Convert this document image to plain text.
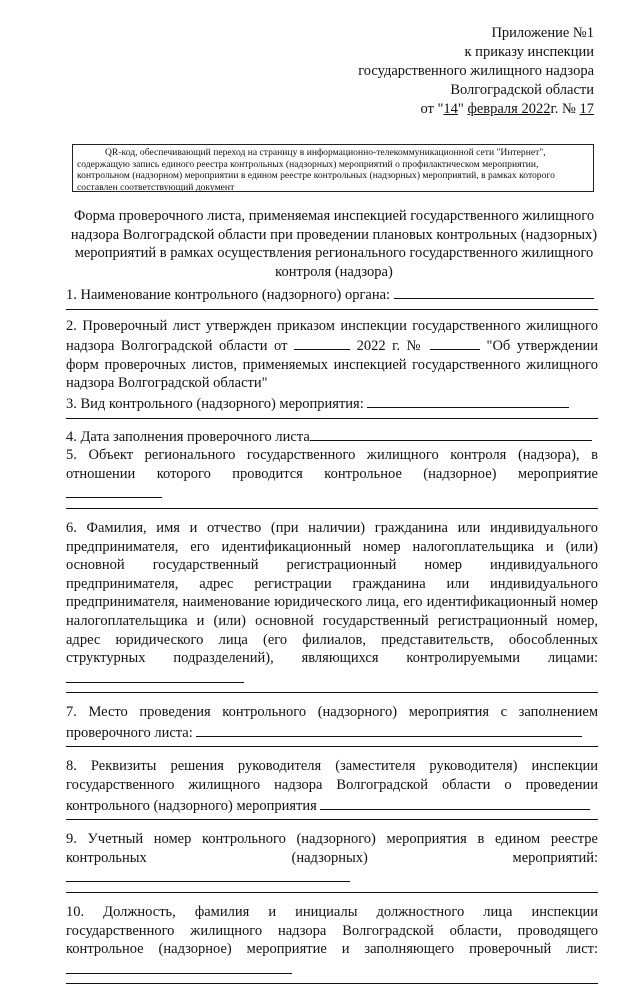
Приложение №1
к приказу инспекции
государственного жилищного надзора
Волгоградской области
от "14" февраля 2022г. № 17
QR-код, обеспечивающий переход на страницу в информационно-телекоммуникационной сети "Интернет", содержащую запись единого реестра контрольных (надзорных) мероприятий о профилактическом мероприятии, контрольном (надзорном) мероприятии в едином реестре контрольных (надзорных) мероприятий, в рамках которого составлен соответствующий документ
Форма проверочного листа, применяемая инспекцией государственного жилищного надзора Волгоградской области при проведении плановых контрольных (надзорных) мероприятий в рамках осуществления регионального государственного жилищного контроля (надзора)

1. Наименование контрольного (надзорного) органа:

2. Проверочный лист утвержден приказом инспекции государственного жилищного надзора Волгоградской области от	2022 г. №	"Об утверждении форм проверочных листов, применяемых инспекцией государственного жилищного надзора Волгоградской области"

3. Вид контрольного (надзорного) мероприятия:

4. Дата заполнения проверочного листа

5. Объект регионального государственного жилищного контроля (надзора), в отношении которого проводится контрольное (надзорное) мероприятие

6. Фамилия, имя и отчество (при наличии) гражданина или индивидуального предпринимателя, его идентификационный номер налогоплательщика и (или) основной государственный регистрационный номер индивидуального предпринимателя, адрес регистрации гражданина или индивидуального предпринимателя, наименование юридического лица, его идентификационный номер налогоплательщика и (или) основной государственный регистрационный номер, адрес юридического лица (его филиалов, представительств, обособленных структурных подразделений), являющихся контролируемыми лицами:

7. Место проведения контрольного (надзорного) мероприятия с заполнением проверочного листа:

8. Реквизиты решения руководителя (заместителя руководителя) инспекции государственного жилищного надзора Волгоградской области о проведении контрольного (надзорного) мероприятия

9. Учетный номер контрольного (надзорного) мероприятия в едином реестре контрольных (надзорных) мероприятий:

10. Должность, фамилия и инициалы должностного лица инспекции государственного жилищного надзора Волгоградской области, проводящего контрольное (надзорное) мероприятие и заполняющего проверочный лист:
